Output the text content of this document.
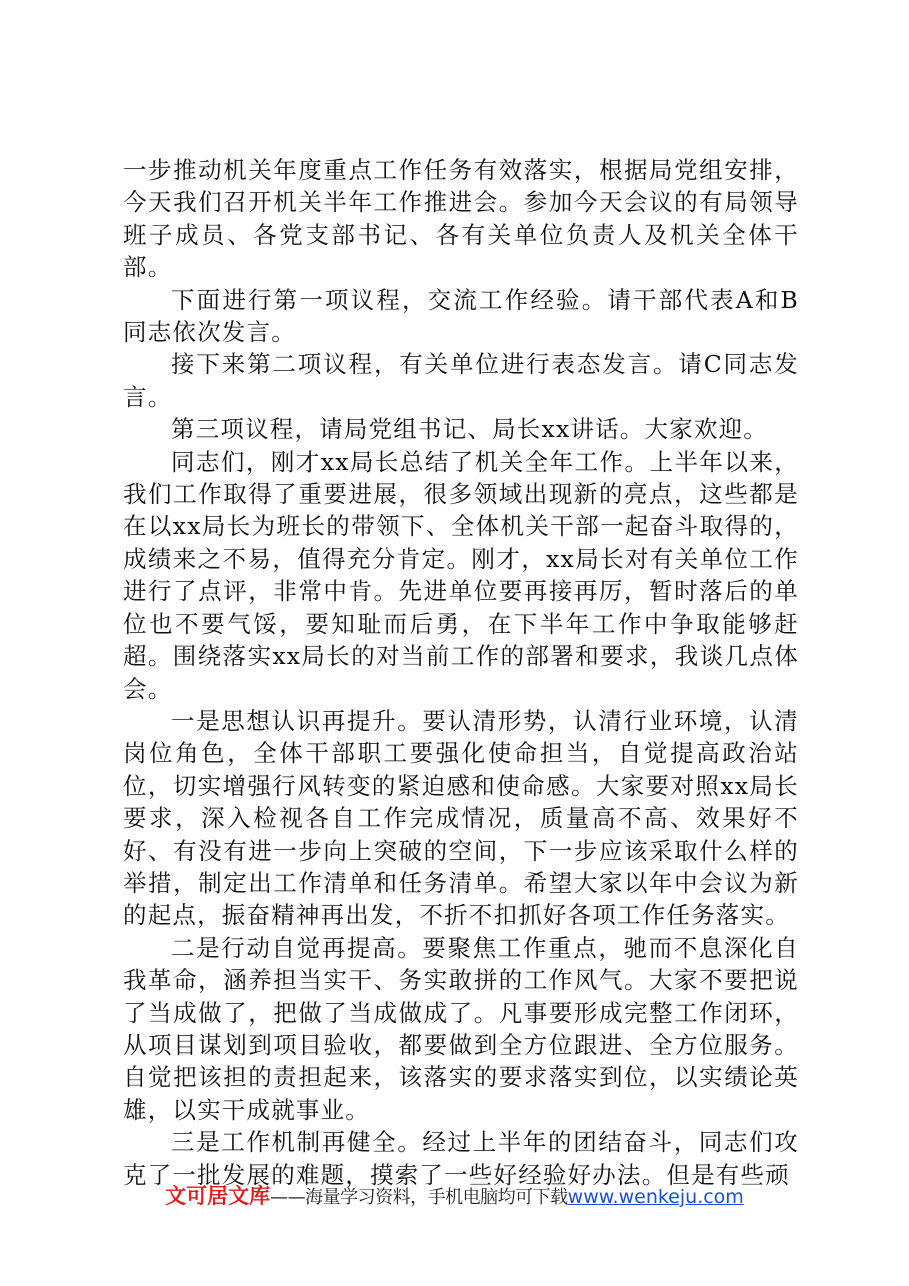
一步推动机关年度重点工作任务有效落实，根据局党组安排，今天我们召开机关半年工作推进会。参加今天会议的有局领导班子成员、各党支部书记、各有关单位负责人及机关全体干部。

下面进行第一项议程，交流工作经验。请干部代表A和B同志依次发言。

接下来第二项议程，有关单位进行表态发言。请C同志发言。

第三项议程，请局党组书记、局长xx讲话。大家欢迎。

同志们，刚才xx局长总结了机关全年工作。上半年以来，我们工作取得了重要进展，很多领域出现新的亮点，这些都是在以xx局长为班长的带领下、全体机关干部一起奋斗取得的，成绩来之不易，值得充分肯定。刚才，xx局长对有关单位工作进行了点评，非常中肯。先进单位要再接再厉，暂时落后的单位也不要气馁，要知耻而后勇，在下半年工作中争取能够赶超。围绕落实xx局长的对当前工作的部署和要求，我谈几点体会。

一是思想认识再提升。要认清形势，认清行业环境，认清岗位角色，全体干部职工要强化使命担当，自觉提高政治站位，切实增强行风转变的紧迫感和使命感。大家要对照xx局长要求，深入检视各自工作完成情况，质量高不高、效果好不好、有没有进一步向上突破的空间，下一步应该采取什么样的举措，制定出工作清单和任务清单。希望大家以年中会议为新的起点，振奋精神再出发，不折不扣抓好各项工作任务落实。

二是行动自觉再提高。要聚焦工作重点，驰而不息深化自我革命，涵养担当实干、务实敢拼的工作风气。大家不要把说了当成做了，把做了当成做成了。凡事要形成完整工作闭环，从项目谋划到项目验收，都要做到全方位跟进、全方位服务。自觉把该担的责担起来，该落实的要求落实到位，以实绩论英雄，以实干成就事业。

三是工作机制再健全。经过上半年的团结奋斗，同志们攻克了一批发展的难题，摸索了一些好经验好办法。但是有些顽

文可居文库——海量学习资料，手机电脑均可下载www.wenkeju.com
